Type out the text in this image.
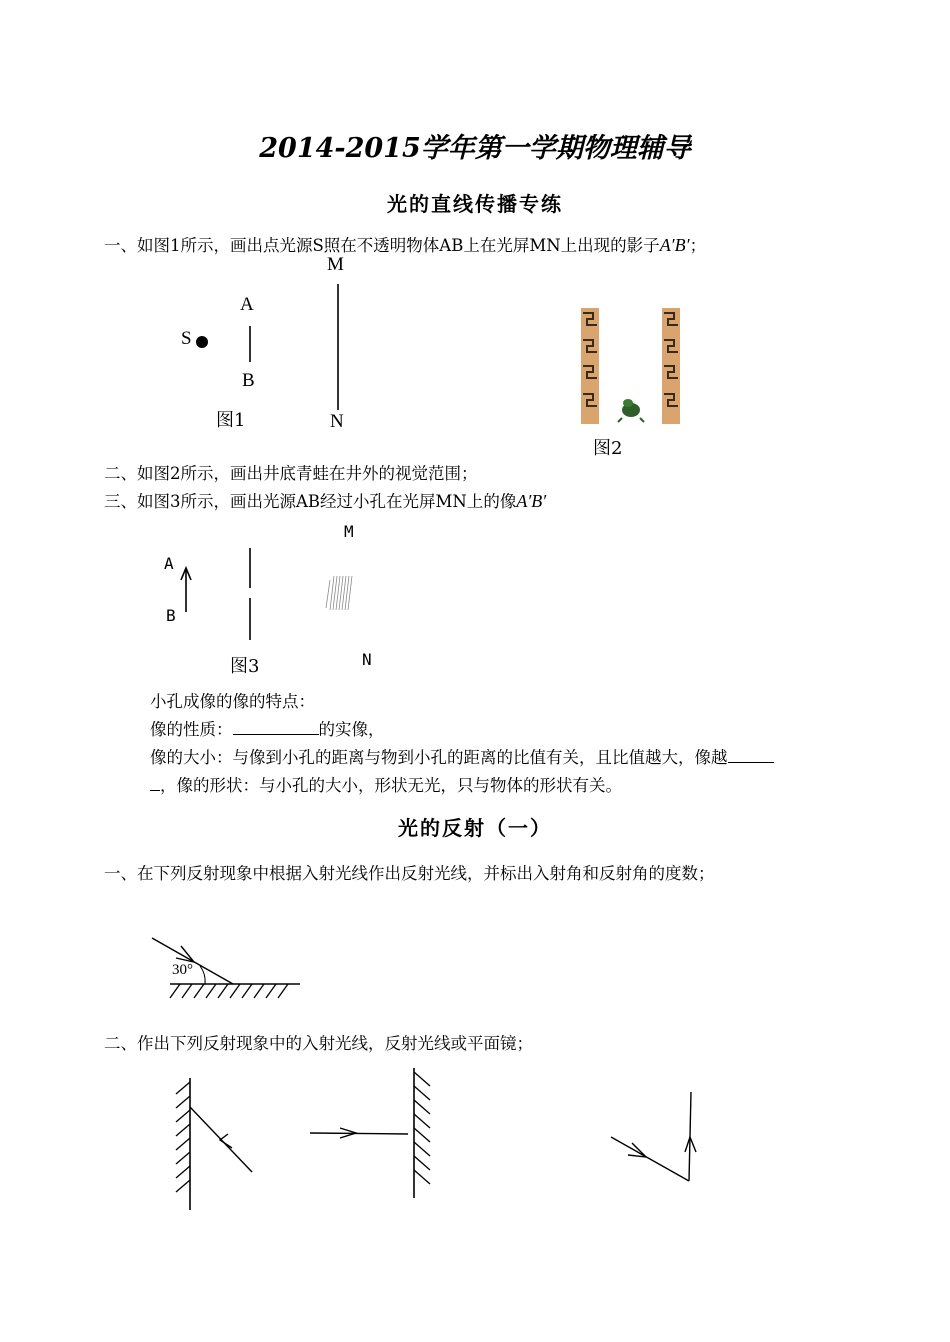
2014-2015学年第一学期物理辅导
光的直线传播专练
一、如图1所示，画出点光源S照在不透明物体AB上在光屏MN上出现的影子A′B′；
S
A
B
M
N
图1
图2
二、如图2所示，画出井底青蛙在井外的视觉范围；
三、如图3所示，画出光源AB经过小孔在光屏MN上的像A′B′
M
N
A
B
图3
小孔成像的像的特点：
像的性质：	的实像，
像的大小：与像到小孔的距离与物到小孔的距离的比值有关，且比值越大，像越
，像的形状：与小孔的大小，形状无光，只与物体的形状有关。
光的反射（一）
一、在下列反射现象中根据入射光线作出反射光线，并标出入射角和反射角的度数；
30°
二、作出下列反射现象中的入射光线，反射光线或平面镜；
